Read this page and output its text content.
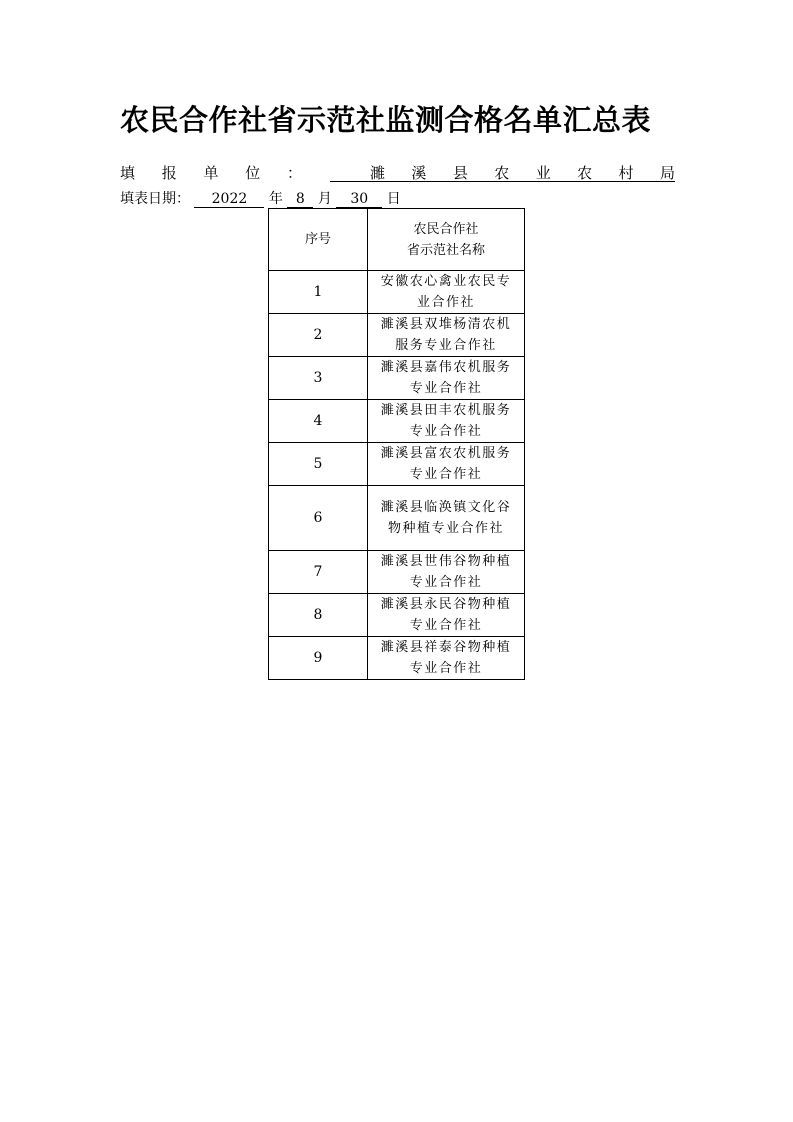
农民合作社省示范社监测合格名单汇总表
填 报 单 位 ：	濉 溪 县 农 业 农 村 局
填表日期： 2022 年 8 月 30 日
序号	农民合作社
省示范社名称

1	安徽农心禽业农民专业合作社
2	濉溪县双堆杨清农机服务专业合作社
3	濉溪县嘉伟农机服务专业合作社
4	濉溪县田丰农机服务专业合作社
5	濉溪县富农农机服务专业合作社
6	濉溪县临涣镇文化谷物种植专业合作社
7	濉溪县世伟谷物种植专业合作社
8	濉溪县永民谷物种植专业合作社
9	濉溪县祥泰谷物种植专业合作社
